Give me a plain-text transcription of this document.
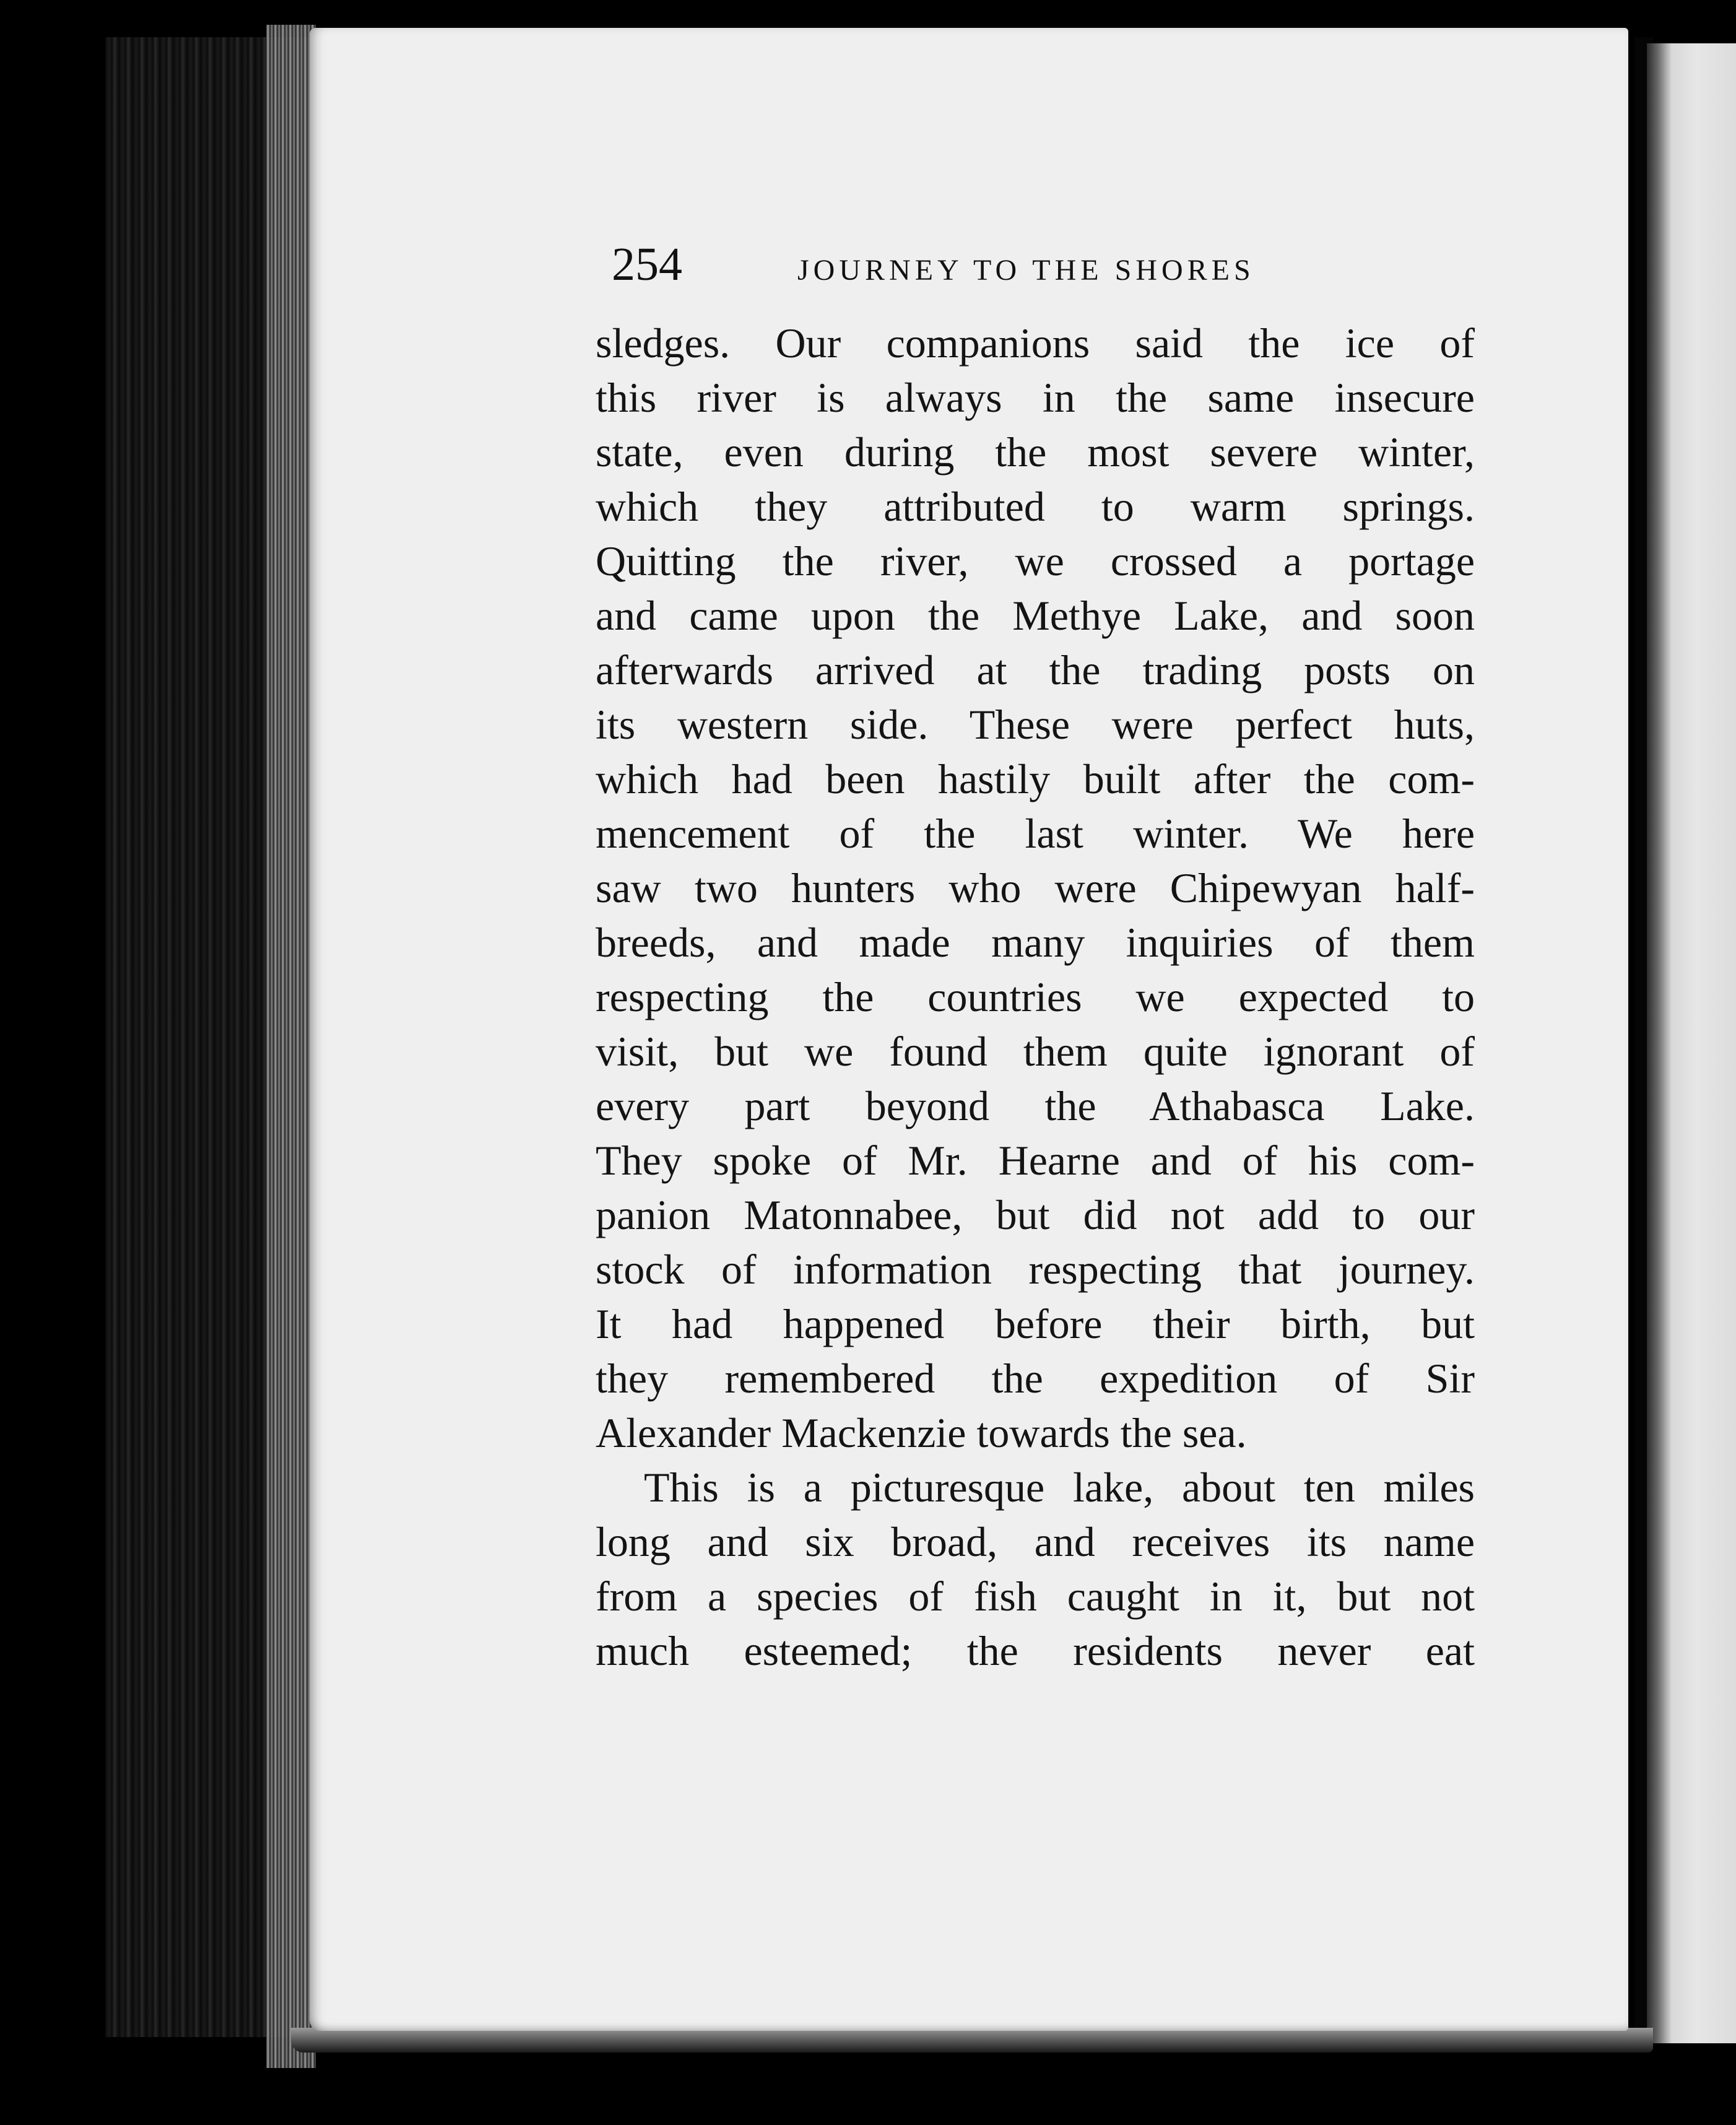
254	JOURNEY TO THE SHORES
sledges. Our companions said the ice of
this river is always in the same insecure
state, even during the most severe winter,
which they attributed to warm springs.
Quitting the river, we crossed a portage
and came upon the Methye Lake, and soon
afterwards arrived at the trading posts on
its western side. These were perfect huts,
which had been hastily built after the com-
mencement of the last winter. We here
saw two hunters who were Chipewyan half-
breeds, and made many inquiries of them
respecting the countries we expected to
visit, but we found them quite ignorant of
every part beyond the Athabasca Lake.
They spoke of Mr. Hearne and of his com-
panion Matonnabee, but did not add to our
stock of information respecting that journey.
It had happened before their birth, but
they remembered the expedition of Sir
Alexander Mackenzie towards the sea.
This is a picturesque lake, about ten miles
long and six broad, and receives its name
from a species of fish caught in it, but not
much esteemed; the residents never eat
